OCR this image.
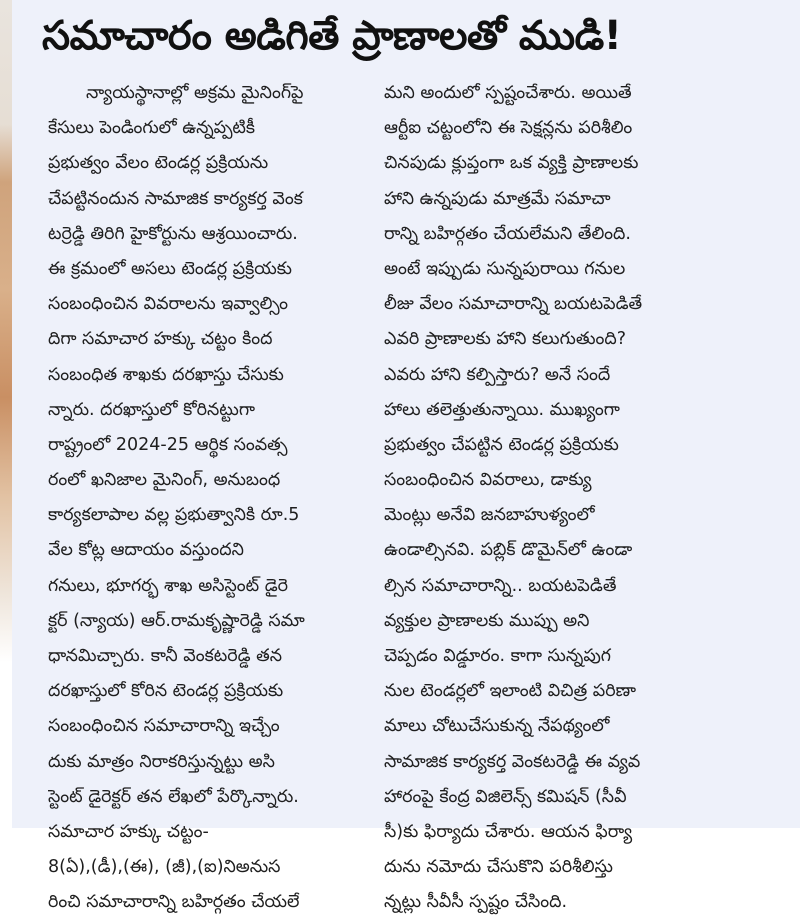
సమాచారం అడిగితే ప్రాణాలతో ముడి!
న్యాయస్థానాల్లో అక్రమ మైనింగ్‌పై
కేసులు పెండింగులో ఉన్నప్పటికీ
ప్రభుత్వం వేలం టెండర్ల ప్రక్రియను
చేపట్టినందున సామాజిక కార్యకర్త వెంక
టర్రెడ్డి తిరిగి హైకోర్టును ఆశ్రయించారు.
ఈ క్రమంలో అసలు టెండర్ల ప్రక్రియకు
సంబంధించిన వివరాలను ఇవ్వాల్సిం
దిగా సమాచార హక్కు చట్టం కింద
సంబంధిత శాఖకు దరఖాస్తు చేసుకు
న్నారు. దరఖాస్తులో కోరినట్టుగా
రాష్ట్రంలో 2024-25 ఆర్థిక సంవత్స
రంలో ఖనిజాల మైనింగ్, అనుబంధ
కార్యకలాపాల వల్ల ప్రభుత్వానికి రూ.5
వేల కోట్ల ఆదాయం వస్తుందని
గనులు, భూగర్భ శాఖ అసిస్టెంట్ డైరె
క్టర్ (న్యాయ) ఆర్.రామకృష్ణారెడ్డి సమా
ధానమిచ్చారు. కానీ వెంకటరెడ్డి తన
దరఖాస్తులో కోరిన టెండర్ల ప్రక్రియకు
సంబంధించిన సమాచారాన్ని ఇచ్చేం
దుకు మాత్రం నిరాకరిస్తున్నట్టు అసి
స్టెంట్ డైరెక్టర్ తన లేఖలో పేర్కొన్నారు.
సమాచార హక్కు చట్టం-
8(ఏ),(డీ),(ఈ), (జీ),(ఐ)నిఅనుస
రించి సమాచారాన్ని బహిర్గతం చేయలే
మని అందులో స్పష్టంచేశారు. అయితే
ఆర్టీఐ చట్టంలోని ఈ సెక్షన్లను పరిశీలిం
చినపుడు క్లుప్తంగా ఒక వ్యక్తి ప్రాణాలకు
హాని ఉన్నపుడు మాత్రమే సమాచా
రాన్ని బహిర్గతం చేయలేమని తేలింది.
అంటే ఇప్పుడు సున్నపురాయి గనుల
లీజు వేలం సమాచారాన్ని బయటపెడితే
ఎవరి ప్రాణాలకు హాని కలుగుతుంది?
ఎవరు హాని కల్పిస్తారు? అనే సందే
హాలు తలెత్తుతున్నాయి. ముఖ్యంగా
ప్రభుత్వం చేపట్టిన టెండర్ల ప్రక్రియకు
సంబంధించిన వివరాలు, డాక్యు
మెంట్లు అనేవి జనబాహుళ్యంలో
ఉండాల్సినవి. పబ్లిక్ డొమైన్‌లో ఉండా
ల్సిన సమాచారాన్ని.. బయటపెడితే
వ్యక్తుల ప్రాణాలకు ముప్పు అని
చెప్పడం విడ్డూరం. కాగా సున్నపుగ
నుల టెండర్లలో ఇలాంటి విచిత్ర పరిణా
మాలు చోటుచేసుకున్న నేపథ్యంలో
సామాజిక కార్యకర్త వెంకటరెడ్డి ఈ వ్యవ
హారంపై కేంద్ర విజిలెన్స్ కమిషన్ (సీవీ
సీ)కు ఫిర్యాదు చేశారు. ఆయన ఫిర్యా
దును నమోదు చేసుకొని పరిశీలిస్తు
న్నట్లు సీవీసీ స్పష్టం చేసింది.
